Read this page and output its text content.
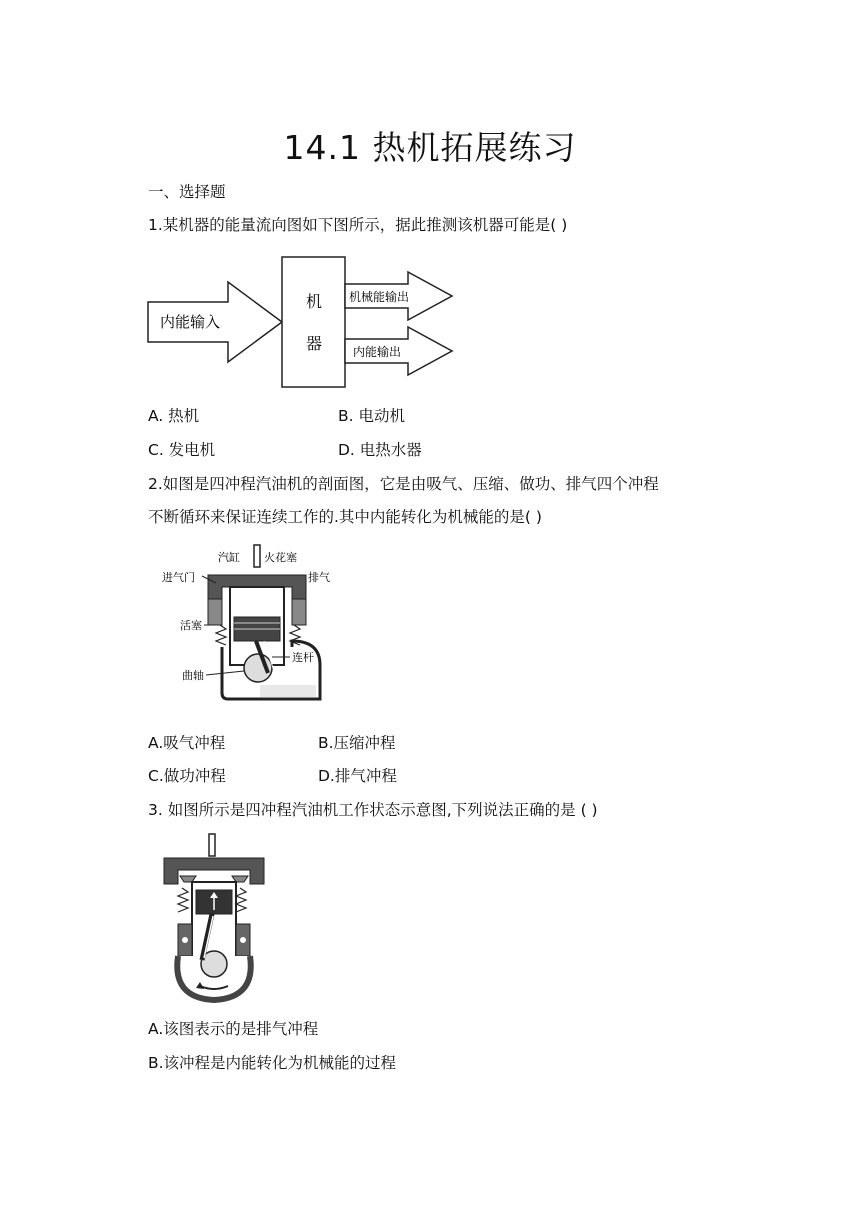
14.1 热机拓展练习
一、选择题
1.某机器的能量流向图如下图所示，据此推测该机器可能是( )
内能输入
机
器
机械能输出
内能输出
A. 热机	B. 电动机
C. 发电机	D. 电热水器
2.如图是四冲程汽油机的剖面图，它是由吸气、压缩、做功、排气四个冲程
不断循环来保证连续工作的.其中内能转化为机械能的是( )
汽缸 火花塞
进气门	排气
活塞
连杆
曲轴
A.吸气冲程	B.压缩冲程
C.做功冲程	D.排气冲程
3. 如图所示是四冲程汽油机工作状态示意图,下列说法正确的是 ( )
A.该图表示的是排气冲程
B.该冲程是内能转化为机械能的过程
